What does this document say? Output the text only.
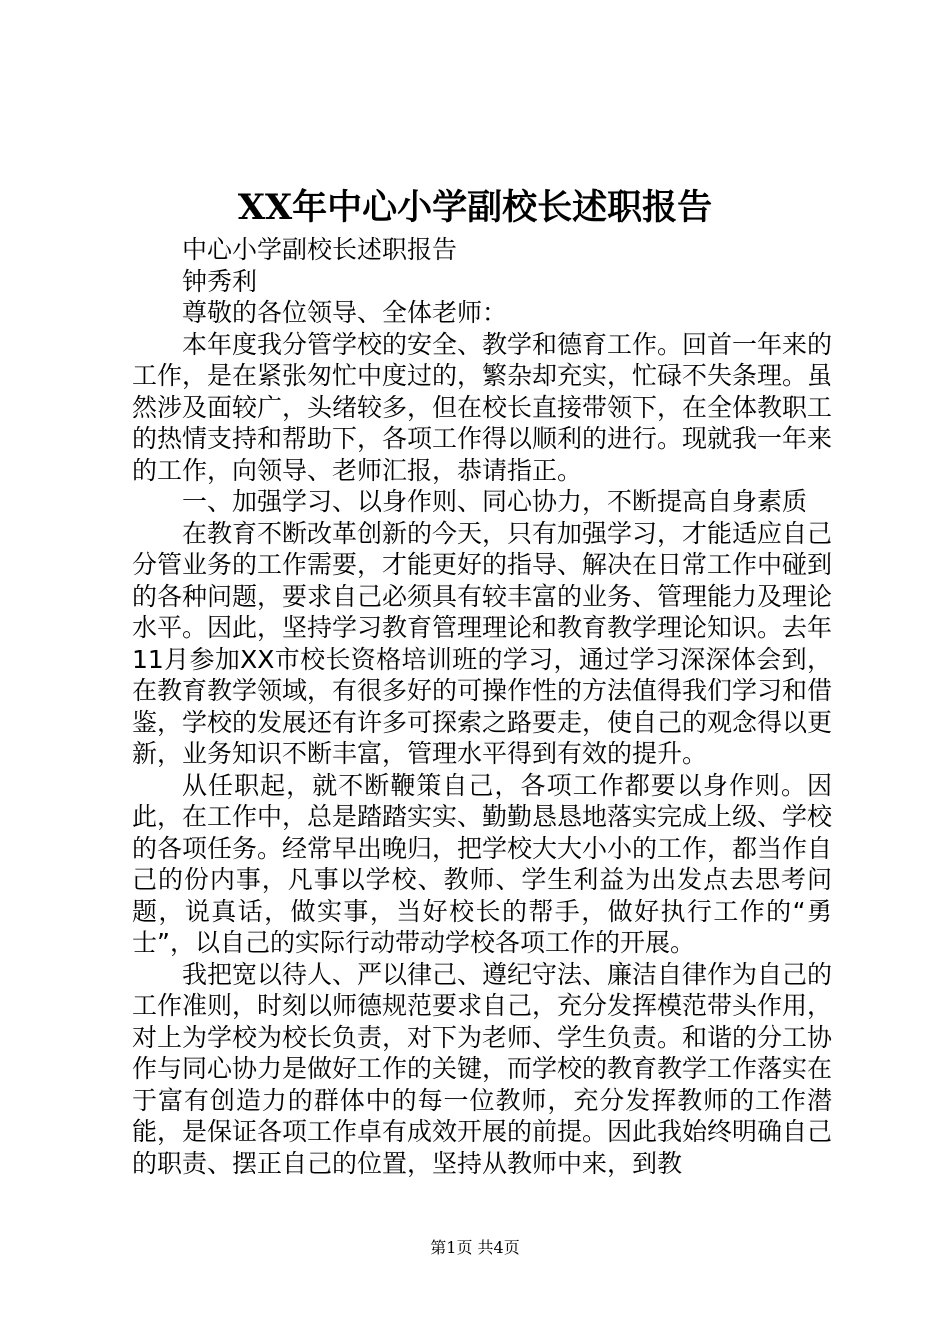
XX年中心小学副校长述职报告

中心小学副校长述职报告

钟秀利

尊敬的各位领导、全体老师：

本年度我分管学校的安全、教学和德育工作。回首一年来的工作，是在紧张匆忙中度过的，繁杂却充实，忙碌不失条理。虽然涉及面较广，头绪较多，但在校长直接带领下，在全体教职工的热情支持和帮助下，各项工作得以顺利的进行。现就我一年来的工作，向领导、老师汇报，恭请指正。

一、加强学习、以身作则、同心协力，不断提高自身素质

在教育不断改革创新的今天，只有加强学习，才能适应自己分管业务的工作需要，才能更好的指导、解决在日常工作中碰到的各种问题，要求自己必须具有较丰富的业务、管理能力及理论水平。因此，坚持学习教育管理理论和教育教学理论知识。去年11月参加XX市校长资格培训班的学习，通过学习深深体会到，在教育教学领域，有很多好的可操作性的方法值得我们学习和借鉴，学校的发展还有许多可探索之路要走，使自己的观念得以更新，业务知识不断丰富，管理水平得到有效的提升。

从任职起，就不断鞭策自己，各项工作都要以身作则。因此，在工作中，总是踏踏实实、勤勤恳恳地落实完成上级、学校的各项任务。经常早出晚归，把学校大大小小的工作，都当作自己的份内事，凡事以学校、教师、学生利益为出发点去思考问题，说真话，做实事，当好校长的帮手，做好执行工作的“勇士”，以自己的实际行动带动学校各项工作的开展。

我把宽以待人、严以律己、遵纪守法、廉洁自律作为自己的工作准则，时刻以师德规范要求自己，充分发挥模范带头作用，对上为学校为校长负责，对下为老师、学生负责。和谐的分工协作与同心协力是做好工作的关键，而学校的教育教学工作落实在于富有创造力的群体中的每一位教师，充分发挥教师的工作潜能，是保证各项工作卓有成效开展的前提。因此我始终明确自己的职责、摆正自己的位置，坚持从教师中来，到教

第1页 共4页
